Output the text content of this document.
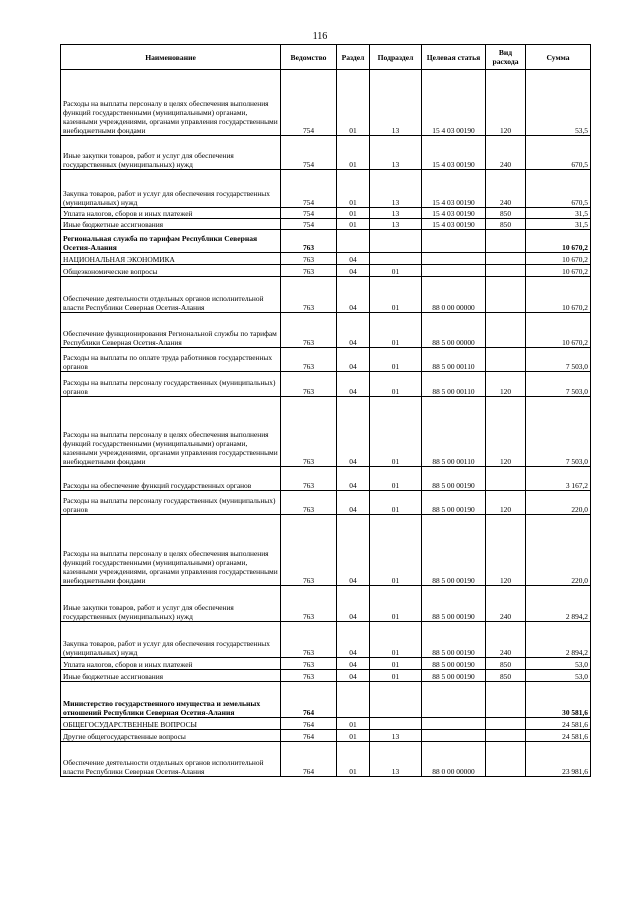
116
Наименование	Ведомство	Раздел	Подраздел	Целевая статья	Вид расхода	Сумма
Расходы на выплаты персоналу в целях обеспечения выполнения функций государственными (муниципальными) органами, казенными учреждениями, органами управления государственными внебюджетными фондами	754	01	13	15 4 03 00190	120	53,5
Иные закупки товаров, работ и услуг для обеспечения государственных (муниципальных) нужд	754	01	13	15 4 03 00190	240	670,5
Закупка товаров, работ и услуг для обеспечения государственных (муниципальных) нужд	754	01	13	15 4 03 00190	240	670,5
Уплата налогов, сборов и иных платежей	754	01	13	15 4 03 00190	850	31,5
Иные бюджетные ассигнования	754	01	13	15 4 03 00190	850	31,5
Региональная служба по тарифам Республики Северная Осетия-Алания	763					10 670,2
НАЦИОНАЛЬНАЯ ЭКОНОМИКА	763	04				10 670,2
Общеэкономические вопросы	763	04	01			10 670,2
Обеспечение деятельности отдельных органов исполнительной власти Республики Северная Осетия-Алания	763	04	01	88 0 00 00000		10 670,2
Обеспечение функционирования Региональной службы по тарифам Республики Северная Осетия-Алания	763	04	01	88 5 00 00000		10 670,2
Расходы на выплаты по оплате труда работников государственных органов	763	04	01	88 5 00 00110		7 503,0
Расходы на выплаты персоналу государственных (муниципальных) органов	763	04	01	88 5 00 00110	120	7 503,0
Расходы на выплаты персоналу в целях обеспечения выполнения функций государственными (муниципальными) органами, казенными учреждениями, органами управления государственными внебюджетными фондами	763	04	01	88 5 00 00110	120	7 503,0
Расходы на обеспечение функций государственных органов	763	04	01	88 5 00 00190		3 167,2
Расходы на выплаты персоналу государственных (муниципальных) органов	763	04	01	88 5 00 00190	120	220,0
Расходы на выплаты персоналу в целях обеспечения выполнения функций государственными (муниципальными) органами, казенными учреждениями, органами управления государственными внебюджетными фондами	763	04	01	88 5 00 00190	120	220,0
Иные закупки товаров, работ и услуг для обеспечения государственных (муниципальных) нужд	763	04	01	88 5 00 00190	240	2 894,2
Закупка товаров, работ и услуг для обеспечения государственных (муниципальных) нужд	763	04	01	88 5 00 00190	240	2 894,2
Уплата налогов, сборов и иных платежей	763	04	01	88 5 00 00190	850	53,0
Иные бюджетные ассигнования	763	04	01	88 5 00 00190	850	53,0
Министерство государственного имущества и земельных отношений Республики Северная Осетия-Алания	764					30 581,6
ОБЩЕГОСУДАРСТВЕННЫЕ ВОПРОСЫ	764	01				24 581,6
Другие общегосударственные вопросы	764	01	13			24 581,6
Обеспечение деятельности отдельных органов исполнительной власти Республики Северная Осетия-Алания	764	01	13	88 0 00 00000		23 981,6
